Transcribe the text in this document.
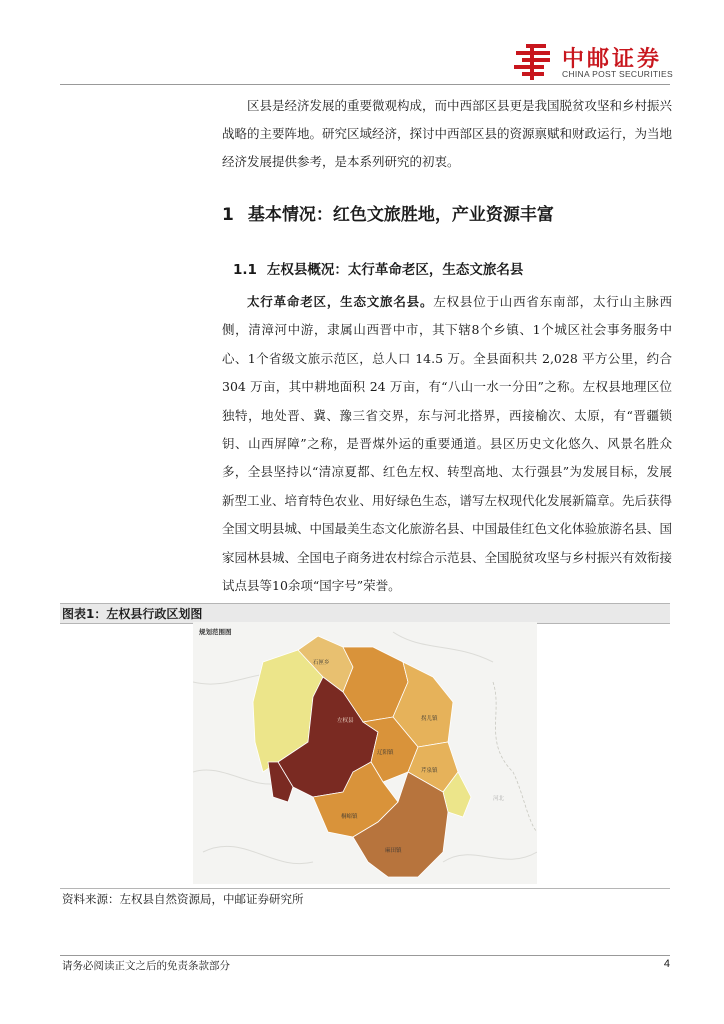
中邮证券
CHINA POST SECURITIES

区县是经济发展的重要微观构成，而中西部区县更是我国脱贫攻坚和乡村振兴战略的主要阵地。研究区域经济，探讨中西部区县的资源禀赋和财政运行，为当地经济发展提供参考，是本系列研究的初衷。

1 基本情况：红色文旅胜地，产业资源丰富
1.1 左权县概况：太行革命老区，生态文旅名县

太行革命老区，生态文旅名县。左权县位于山西省东南部，太行山主脉西侧，清漳河中游，隶属山西晋中市，其下辖8个乡镇、1个城区社会事务服务中心、1个省级文旅示范区，总人口 14.5 万。全县面积共 2,028 平方公里，约合 304 万亩，其中耕地面积 24 万亩，有“八山一水一分田”之称。左权县地理区位独特，地处晋、冀、豫三省交界，东与河北搭界，西接榆次、太原，有“晋疆锁钥、山西屏障”之称，是晋煤外运的重要通道。县区历史文化悠久、风景名胜众多，全县坚持以“清凉夏都、红色左权、转型高地、太行强县”为发展目标，发展新型工业、培育特色农业、用好绿色生态，谱写左权现代化发展新篇章。先后获得全国文明县城、中国最美生态文化旅游名县、中国最佳红色文化体验旅游名县、国家园林县城、全国电子商务进农村综合示范县、全国脱贫攻坚与乡村振兴有效衔接试点县等10余项“国字号”荣誉。

图表1：左权县行政区划图
规划范围图
左权县
石匣乡
拐儿镇
辽阳镇
芹泉镇
桐峪镇
麻田镇
河北
资料来源：左权县自然资源局，中邮证券研究所
请务必阅读正文之后的免责条款部分	4
